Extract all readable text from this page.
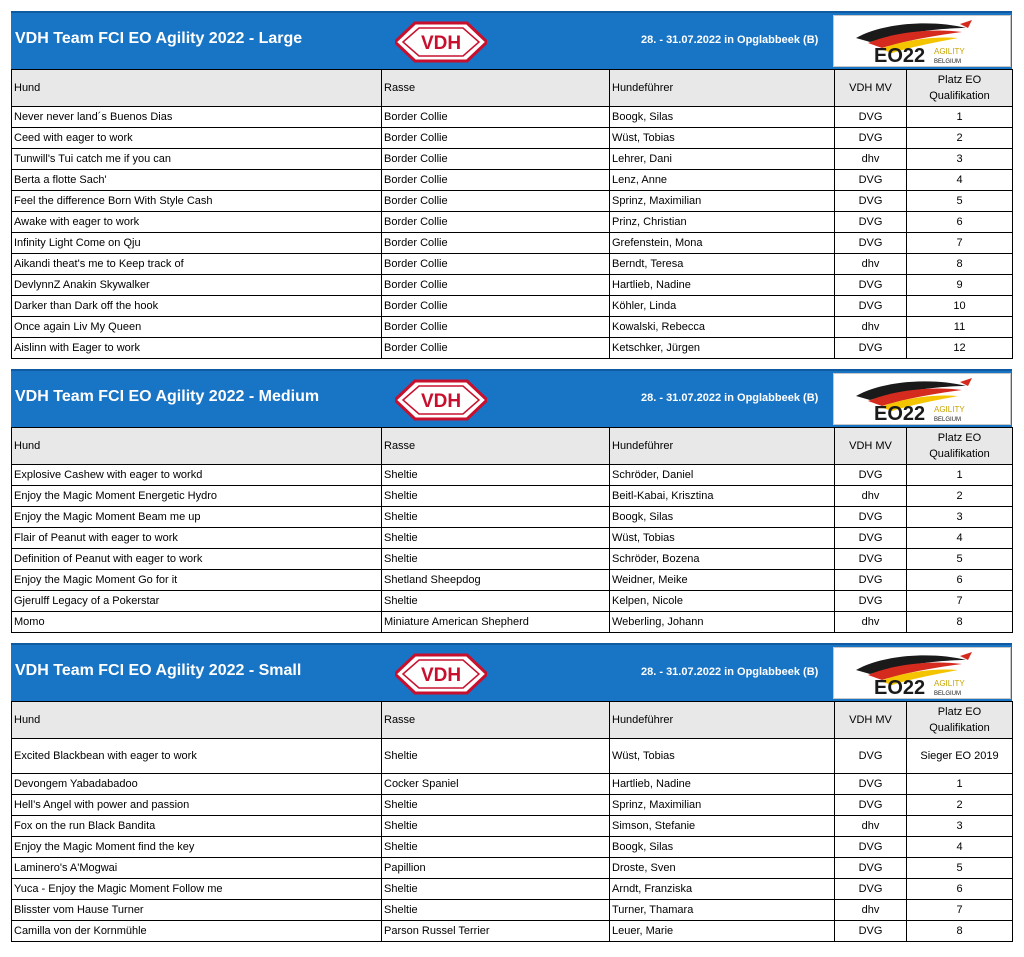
VDH Team FCI EO Agility 2022 - Large	VDH	28. - 31.07.2022 in Opglabbeek (B)
EO22 AGILITY
BELGIUM
Hund	Rasse	Hundeführer	VDH MV	Platz EO Qualifikation
Never never land´s Buenos Dias	Border Collie	Boogk, Silas	DVG	1
Ceed with eager to work	Border Collie	Wüst, Tobias	DVG	2
Tunwill's Tui catch me if you can	Border Collie	Lehrer, Dani	dhv	3
Berta a flotte Sach'	Border Collie	Lenz, Anne	DVG	4
Feel the difference Born With Style Cash	Border Collie	Sprinz, Maximilian	DVG	5
Awake with eager to work	Border Collie	Prinz, Christian	DVG	6
Infinity Light Come on Qju	Border Collie	Grefenstein, Mona	DVG	7
Aikandi theat's me to Keep track of	Border Collie	Berndt, Teresa	dhv	8
DevlynnZ Anakin Skywalker	Border Collie	Hartlieb, Nadine	DVG	9
Darker than Dark off the hook	Border Collie	Köhler, Linda	DVG	10
Once again Liv My Queen	Border Collie	Kowalski, Rebecca	dhv	11
Aislinn with Eager to work	Border Collie	Ketschker, Jürgen	DVG	12
VDH Team FCI EO Agility 2022 - Medium	VDH	28. - 31.07.2022 in Opglabbeek (B)
EO22 AGILITY
BELGIUM
Hund	Rasse	Hundeführer	VDH MV	Platz EO Qualifikation
Explosive Cashew with eager to workd	Sheltie	Schröder, Daniel	DVG	1
Enjoy the Magic Moment Energetic Hydro	Sheltie	Beitl-Kabai, Krisztina	dhv	2
Enjoy the Magic Moment Beam me up	Sheltie	Boogk, Silas	DVG	3
Flair of Peanut with eager to work	Sheltie	Wüst, Tobias	DVG	4
Definition of Peanut with eager to work	Sheltie	Schröder, Bozena	DVG	5
Enjoy the Magic Moment Go for it	Shetland Sheepdog	Weidner, Meike	DVG	6
Gjerulff Legacy of a Pokerstar	Sheltie	Kelpen, Nicole	DVG	7
Momo	Miniature American Shepherd	Weberling, Johann	dhv	8
VDH Team FCI EO Agility 2022 - Small	VDH	28. - 31.07.2022 in Opglabbeek (B)
EO22 AGILITY
BELGIUM
Hund	Rasse	Hundeführer	VDH MV	Platz EO Qualifikation
Excited Blackbean with eager to work	Sheltie	Wüst, Tobias	DVG	Sieger EO 2019
Devongem Yabadabadoo	Cocker Spaniel	Hartlieb, Nadine	DVG	1
Hell’s Angel with power and passion	Sheltie	Sprinz, Maximilian	DVG	2
Fox on the run Black Bandita	Sheltie	Simson, Stefanie	dhv	3
Enjoy the Magic Moment find the key	Sheltie	Boogk, Silas	DVG	4
Laminero's A'Mogwai	Papillion	Droste, Sven	DVG	5
Yuca - Enjoy the Magic Moment Follow me	Sheltie	Arndt, Franziska	DVG	6
Blisster vom Hause Turner	Sheltie	Turner, Thamara	dhv	7
Camilla von der Kornmühle	Parson Russel Terrier	Leuer, Marie	DVG	8
